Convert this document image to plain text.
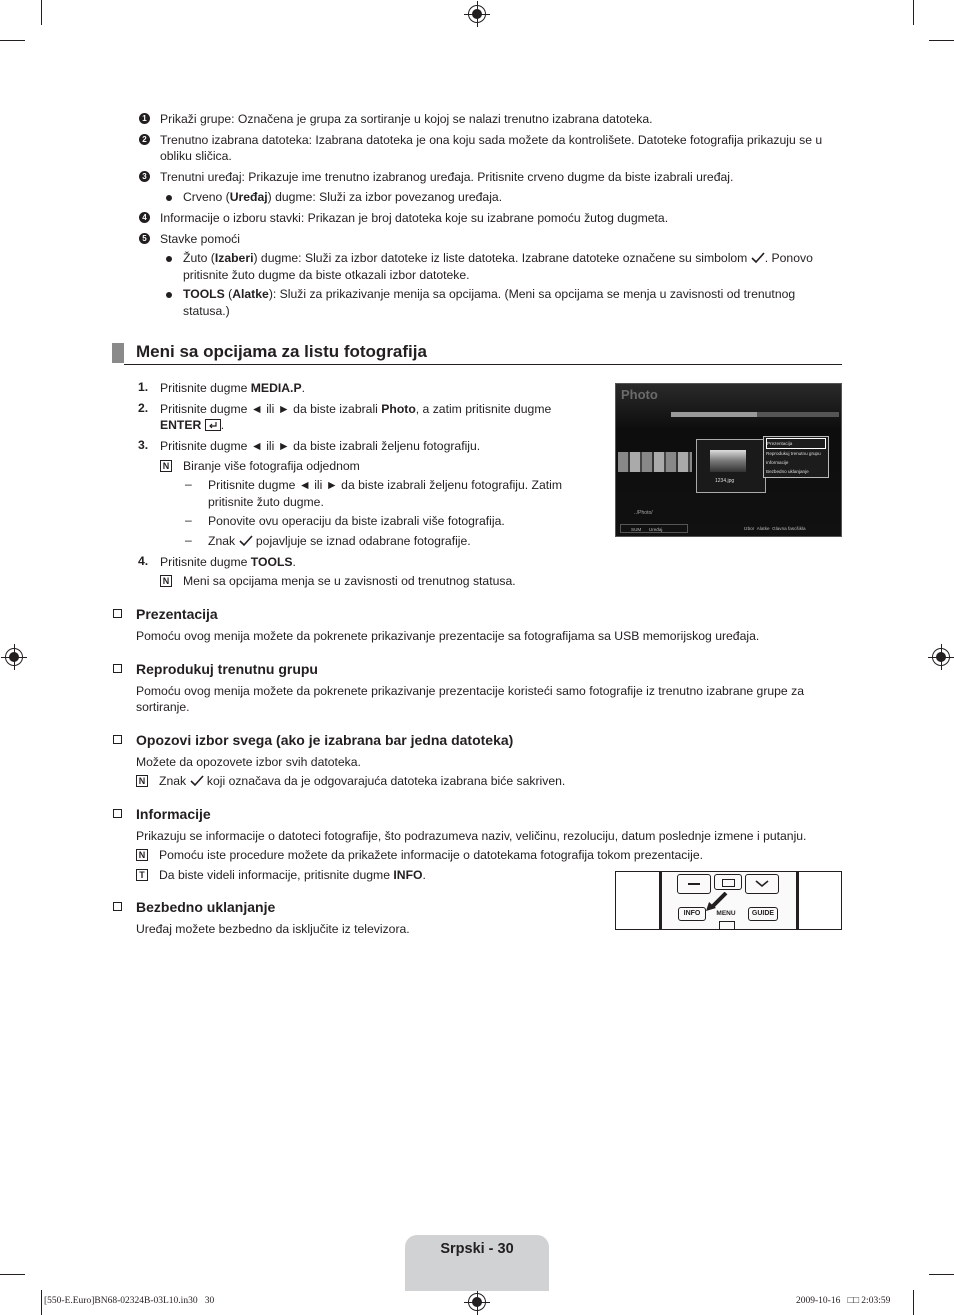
1 Prikaži grupe: Označena je grupa za sortiranje u kojoj se nalazi trenutno izabrana datoteka.
2 Trenutno izabrana datoteka: Izabrana datoteka je ona koju sada možete da kontrolišete. Datoteke fotografija prikazuju se u
obliku sličica.
3 Trenutni uređaj: Prikazuje ime trenutno izabranog uređaja. Pritisnite crveno dugme da biste izabrali uređaj.
Crveno (Uređaj) dugme: Služi za izbor povezanog uređaja.
4 Informacije o izboru stavki: Prikazan je broj datoteka koje su izabrane pomoću žutog dugmeta.
5 Stavke pomoći
Žuto (Izaberi) dugme: Služi za izbor datoteke iz liste datoteka. Izabrane datoteke označene su simbolom . Ponovo
pritisnite žuto dugme da biste otkazali izbor datoteke.
TOOLS (Alatke): Služi za prikazivanje menija sa opcijama. (Meni sa opcijama se menja u zavisnosti od trenutnog
statusa.)
Meni sa opcijama za listu fotografija
1. Pritisnite dugme MEDIA.P.
2. Pritisnite dugme ◄ ili ► da biste izabrali Photo, a zatim pritisnite dugme
ENTER .
3. Pritisnite dugme ◄ ili ► da biste izabrali željenu fotografiju.
N Biranje više fotografija odjednom
– Pritisnite dugme ◄ ili ► da biste izabrali željenu fotografiju. Zatim
pritisnite žuto dugme.
– Ponovite ovu operaciju da biste izabrali više fotografija.
– Znak pojavljuje se iznad odabrane fotografije.
4. Pritisnite dugme TOOLS.
N Meni sa opcijama menja se u zavisnosti od trenutnog statusa.
Photo
1234.jpg
Prezentacija
Reprodukuj trenutnu grupu
Informacije
Bezbedno uklanjanje
../Photo/
SUM Uređaj	Izbor Alatke Glavna fascšikla
Prezentacija
Pomoću ovog menija možete da pokrenete prikazivanje prezentacije sa fotografijama sa USB memorijskog uređaja.
Reprodukuj trenutnu grupu
Pomoću ovog menija možete da pokrenete prikazivanje prezentacije koristeći samo fotografije iz trenutno izabrane grupe za
sortiranje.
Opozovi izbor svega (ako je izabrana bar jedna datoteka)
Možete da opozovete izbor svih datoteka.
N Znak koji označava da je odgovarajuća datoteka izabrana biće sakriven.
Informacije
Prikazuju se informacije o datoteci fotografije, što podrazumeva naziv, veličinu, rezoluciju, datum poslednje izmene i putanju.
N Pomoću iste procedure možete da prikažete informacije o datotekama fotografija tokom prezentacije.
T Da biste videli informacije, pritisnite dugme INFO.
Bezbedno uklanjanje
Uređaj možete bezbedno da isključite iz televizora.
INFO	MENU	GUIDE
Srpski - 30
[550-E.Euro]BN68-02324B-03L10.in30   30	2009-10-16   □□ 2:03:59
